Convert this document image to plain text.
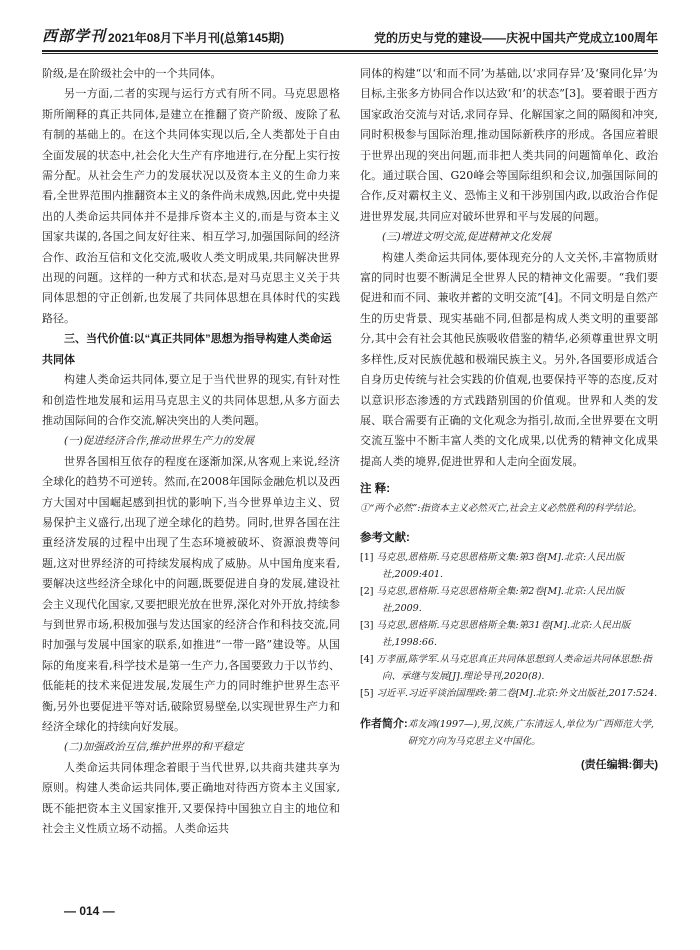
西部学刊 2021年08月下半月刊(总第145期)	党的历史与党的建设——庆祝中国共产党成立100周年

阶级,是在阶级社会中的一个共同体。

另一方面,二者的实现与运行方式有所不同。马克思恩格斯所阐释的真正共同体,是建立在推翻了资产阶级、废除了私有制的基础上的。在这个共同体实现以后,全人类都处于自由全面发展的状态中,社会化大生产有序地进行,在分配上实行按需分配。从社会生产力的发展状况以及资本主义的生命力来看,全世界范围内推翻资本主义的条件尚未成熟,因此,党中央提出的人类命运共同体并不是排斥资本主义的,而是与资本主义国家共谋的,各国之间友好往来、相互学习,加强国际间的经济合作、政治互信和文化交流,吸收人类文明成果,共同解决世界出现的问题。这样的一种方式和状态,是对马克思主义关于共同体思想的守正创新,也发展了共同体思想在具体时代的实践路径。

三、当代价值:以“真正共同体”思想为指导构建人类命运共同体

构建人类命运共同体,要立足于当代世界的现实,有针对性和创造性地发展和运用马克思主义的共同体思想,从多方面去推动国际间的合作交流,解决突出的人类问题。

(一)促进经济合作,推动世界生产力的发展

世界各国相互依存的程度在逐渐加深,从客观上来说,经济全球化的趋势不可逆转。然而,在2008年国际金融危机以及西方大国对中国崛起感到担忧的影响下,当今世界单边主义、贸易保护主义盛行,出现了逆全球化的趋势。同时,世界各国在注重经济发展的过程中出现了生态环境被破坏、资源浪费等问题,这对世界经济的可持续发展构成了威胁。从中国角度来看,要解决这些经济全球化中的问题,既要促进自身的发展,建设社会主义现代化国家,又要把眼光放在世界,深化对外开放,持续参与到世界市场,积极加强与发达国家的经济合作和科技交流,同时加强与发展中国家的联系,如推进“一带一路”建设等。从国际的角度来看,科学技术是第一生产力,各国要致力于以节约、低能耗的技术来促进发展,发展生产力的同时维护世界生态平衡,另外也要促进平等对话,破除贸易壁垒,以实现世界生产力和经济全球化的持续向好发展。

(二)加强政治互信,维护世界的和平稳定

人类命运共同体理念着眼于当代世界,以共商共建共享为原则。构建人类命运共同体,要正确地对待西方资本主义国家,既不能把资本主义国家推开,又要保持中国独立自主的地位和社会主义性质立场不动摇。人类命运共

同体的构建“以‘和而不同’为基础,以‘求同存异’及‘聚同化异’为目标,主张多方协同合作以达致‘和’的状态”[3]。要着眼于西方国家政治交流与对话,求同存异、化解国家之间的隔阂和冲突,同时积极参与国际治理,推动国际新秩序的形成。各国应着眼于世界出现的突出问题,而非把人类共同的问题简单化、政治化。通过联合国、G20峰会等国际组织和会议,加强国际间的合作,反对霸权主义、恐怖主义和干涉别国内政,以政治合作促进世界发展,共同应对破坏世界和平与发展的问题。

(三)增进文明交流,促进精神文化发展

构建人类命运共同体,要体现充分的人文关怀,丰富物质财富的同时也要不断满足全世界人民的精神文化需要。“我们要促进和而不同、兼收并蓄的文明交流”[4]。不同文明是自然产生的历史背景、现实基础不同,但都是构成人类文明的重要部分,其中会有社会其他民族吸收借鉴的精华,必须尊重世界文明多样性,反对民族优越和极端民族主义。另外,各国要形成适合自身历史传统与社会实践的价值观,也要保持平等的态度,反对以意识形态渗透的方式践踏别国的价值观。世界和人类的发展、联合需要有正确的文化观念为指引,故而,全世界要在文明交流互鉴中不断丰富人类的文化成果,以优秀的精神文化成果提高人类的境界,促进世界和人走向全面发展。

注 释:
①“两个必然”:指资本主义必然灭亡,社会主义必然胜利的科学结论。
参考文献:
[1] 马克思,恩格斯.马克思恩格斯文集:第3卷[M].北京:人民出版社,2009:401.
[2] 马克思,恩格斯.马克思恩格斯全集:第2卷[M].北京:人民出版社,2009.
[3] 马克思,恩格斯.马克思恩格斯全集:第31卷[M].北京:人民出版社,1998:66.
[4] 万孝丽,陈学军.从马克思真正共同体思想到人类命运共同体思想:指向、承继与发展[J].理论导刊,2020(8).
[5] 习近平.习近平谈治国理政:第二卷[M].北京:外文出版社,2017:524.
作者简介: 邓友鸿(1997—),男,汉族,广东清远人,单位为广西师范大学,研究方向为马克思主义中国化。
(责任编辑:御夫)
— 014 —
